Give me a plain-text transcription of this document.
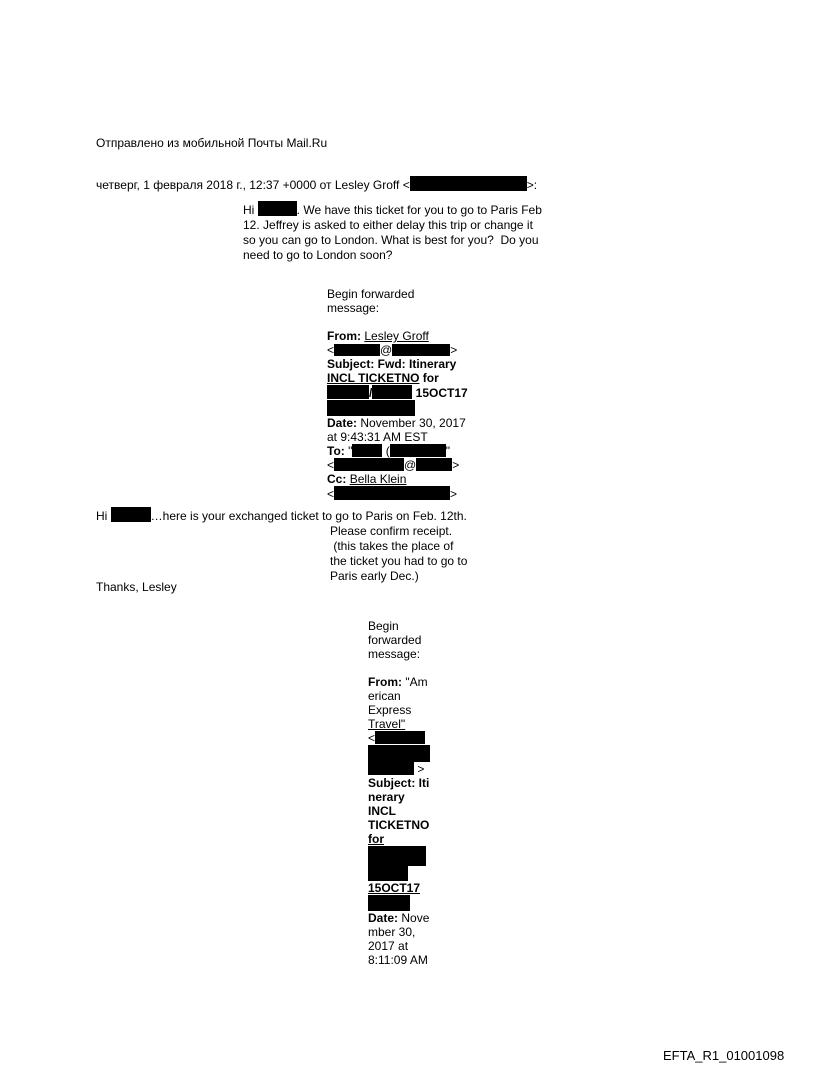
Отправлено из мобильной Почты Mail.Ru
четверг, 1 февраля 2018 г., 12:37 +0000 от Lesley Groff <	>:
Hi	. We have this ticket for you to go to Paris Feb
12. Jeffrey is asked to either delay this trip or change it
so you can go to London. What is best for you?  Do you
need to go to London soon?
Begin forwarded
message:

From: Lesley Groff
<	@	>
Subject: Fwd: Itinerary
INCL TICKETNO for
/	15OCT17
Date: November 30, 2017
at 9:43:31 AM EST
To: "	(	"
<	@	>
Cc: Bella Klein
<	>
Hi	…here is your exchanged ticket to go to Paris on Feb. 12th.
Please confirm receipt.
(this takes the place of
the ticket you had to go to
Paris early Dec.)
Thanks, Lesley
Begin
forwarded
message:

From: "Am
erican
Express
Travel"
<
>
Subject: Iti
nerary
INCL
TICKETNO
for
15OCT17
Date: Nove
mber 30,
2017 at
8:11:09 AM
EFTA_R1_01001098
